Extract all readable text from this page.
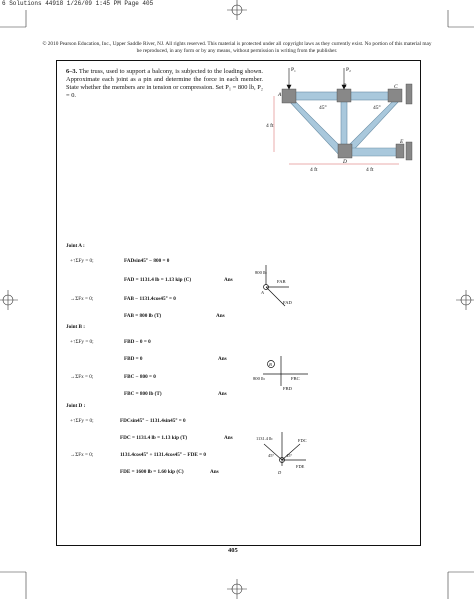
6 Solutions 44918 1/26/09 1:45 PM Page 405
© 2010 Pearson Education, Inc., Upper Saddle River, NJ. All rights reserved. This material is protected under all copyright laws as they currently exist. No portion of this material may be reproduced, in any form or by any means, without permission in writing from the publisher.
6–3. The truss, used to support a balcony, is subjected to the loading shown. Approximate each joint as a pin and determine the force in each member. State whether the members are in tension or compression. Set P₁ = 800 lb, P₂ = 0.
P₁	P₂
A
B	C
D
E
45°	45°
4 ft
4 ft	4 ft
Joint A :
+↑ΣFy = 0;	FADsin45° − 800 = 0
FAD = 1131.4 lb = 1.13 kip (C)	Ans
→ΣFx = 0;	FAB − 1131.4cos45° = 0
FAB = 800 lb (T)	Ans
800 lb
FAB
FAD
A
Joint B :
+↑ΣFy = 0;	FBD − 0 = 0
FBD = 0	Ans
→ΣFx = 0;	FBC − 800 = 0
FBC = 800 lb (T)	Ans
B
800 lb	FBC
FBD
Joint D :
+↑ΣFy = 0;	FDCsin45° − 1131.4sin45° = 0
FDC = 1131.4 lb = 1.13 kip (T)	Ans
→ΣFx = 0;	1131.4cos45° + 1131.4cos45° − FDE = 0
FDE = 1600 lb = 1.60 kip (C)	Ans
1131.4 lb	FDC
FDE
45°	45°
D
405
